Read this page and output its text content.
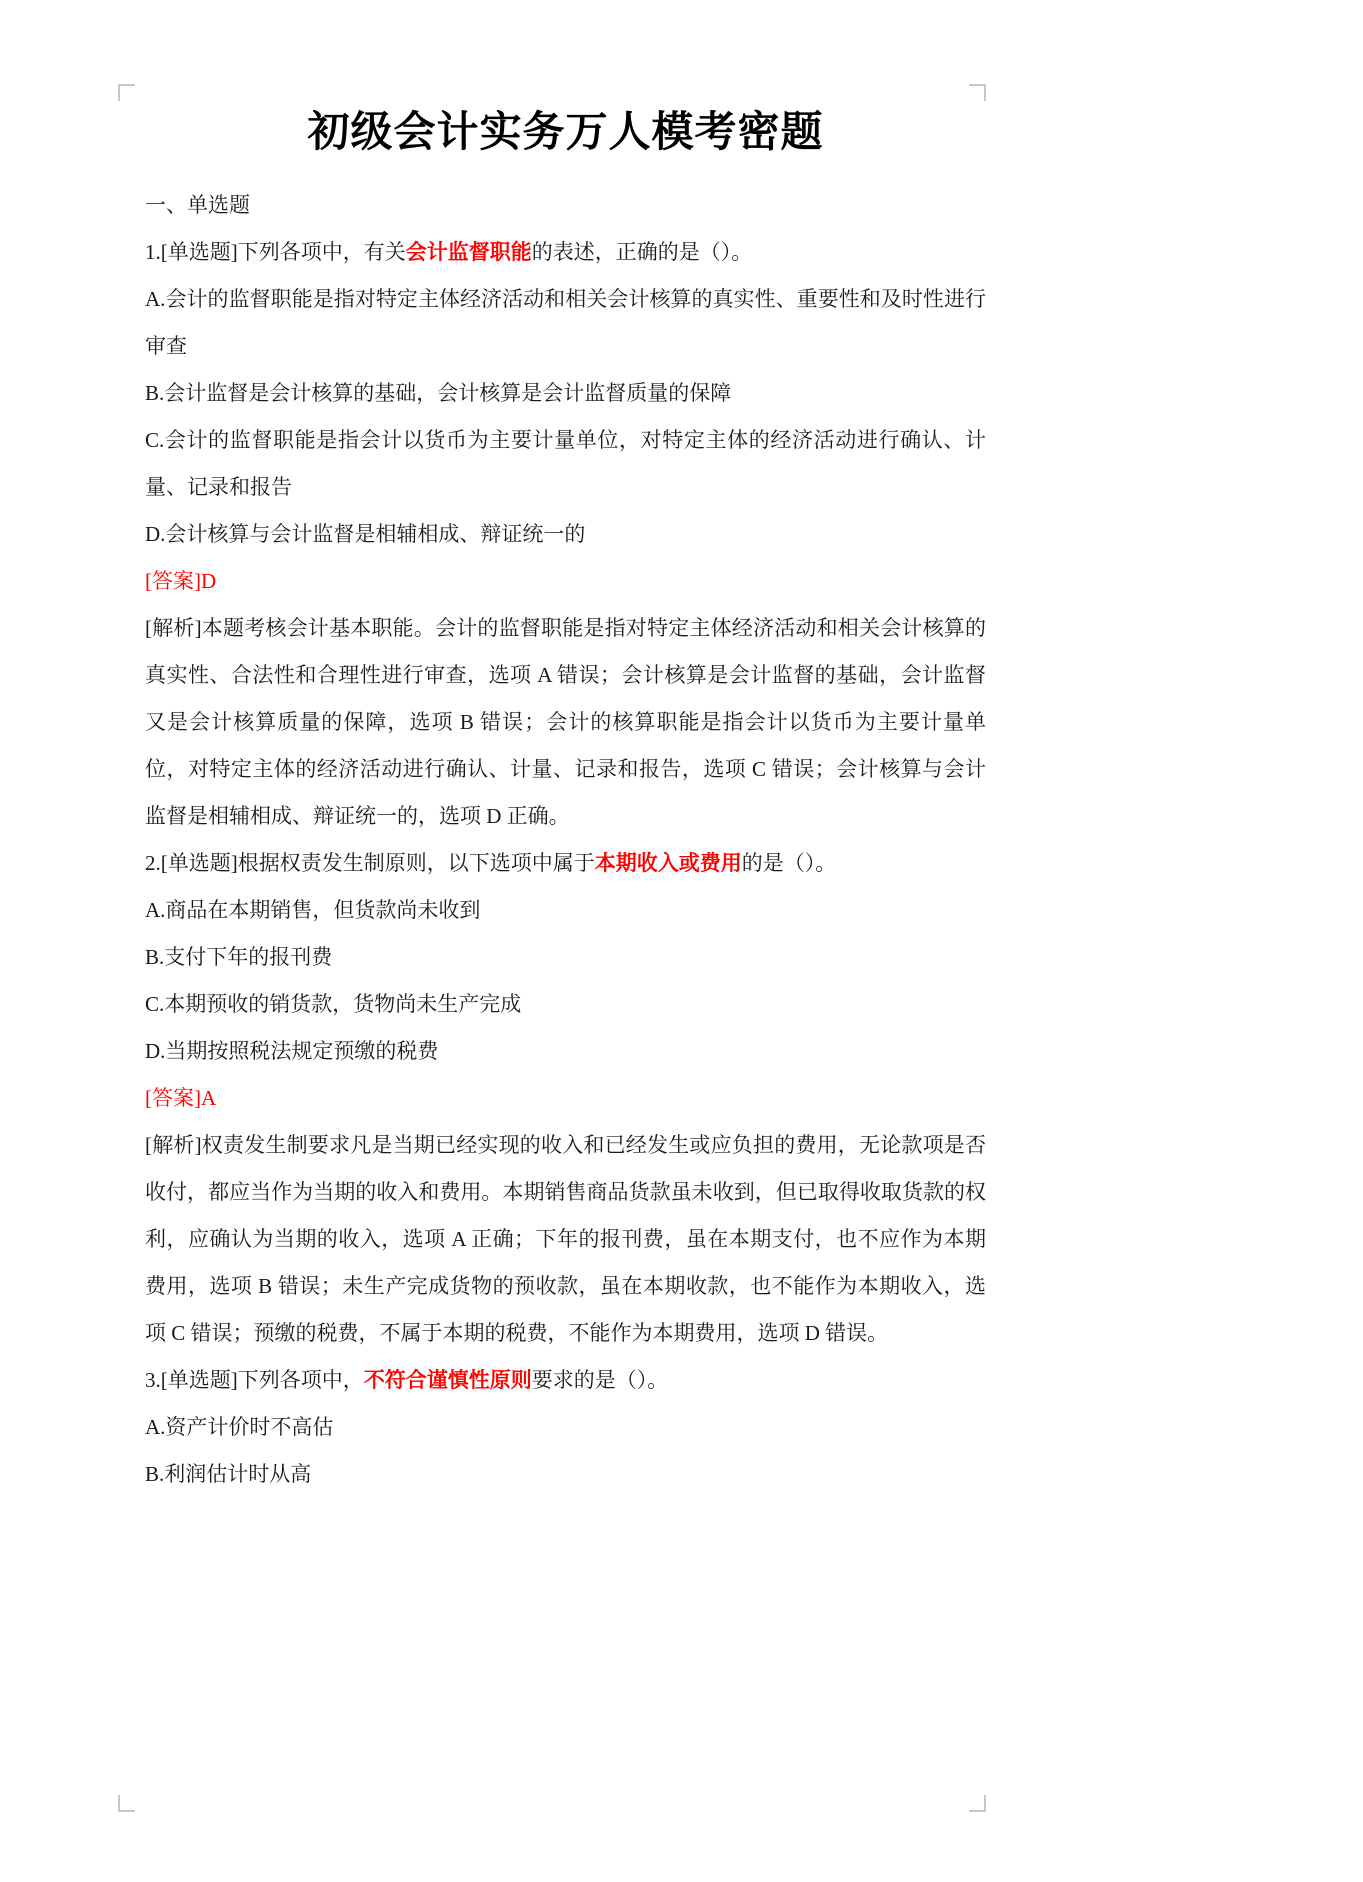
初级会计实务万人模考密题

一、单选题

1.[单选题]下列各项中，有关会计监督职能的表述，正确的是（）。

A.会计的监督职能是指对特定主体经济活动和相关会计核算的真实性、重要性和及时性进行审查

B.会计监督是会计核算的基础，会计核算是会计监督质量的保障

C.会计的监督职能是指会计以货币为主要计量单位，对特定主体的经济活动进行确认、计量、记录和报告

D.会计核算与会计监督是相辅相成、辩证统一的

[答案]D

[解析]本题考核会计基本职能。会计的监督职能是指对特定主体经济活动和相关会计核算的真实性、合法性和合理性进行审查，选项 A 错误；会计核算是会计监督的基础，会计监督又是会计核算质量的保障，选项 B 错误；会计的核算职能是指会计以货币为主要计量单位，对特定主体的经济活动进行确认、计量、记录和报告，选项 C 错误；会计核算与会计监督是相辅相成、辩证统一的，选项 D 正确。

2.[单选题]根据权责发生制原则，以下选项中属于本期收入或费用的是（）。

A.商品在本期销售，但货款尚未收到

B.支付下年的报刊费

C.本期预收的销货款，货物尚未生产完成

D.当期按照税法规定预缴的税费

[答案]A

[解析]权责发生制要求凡是当期已经实现的收入和已经发生或应负担的费用，无论款项是否收付，都应当作为当期的收入和费用。本期销售商品货款虽未收到，但已取得收取货款的权利，应确认为当期的收入，选项 A 正确；下年的报刊费，虽在本期支付，也不应作为本期费用，选项 B 错误；未生产完成货物的预收款，虽在本期收款，也不能作为本期收入，选项 C 错误；预缴的税费，不属于本期的税费，不能作为本期费用，选项 D 错误。

3.[单选题]下列各项中，不符合谨慎性原则要求的是（）。

A.资产计价时不高估

B.利润估计时从高
